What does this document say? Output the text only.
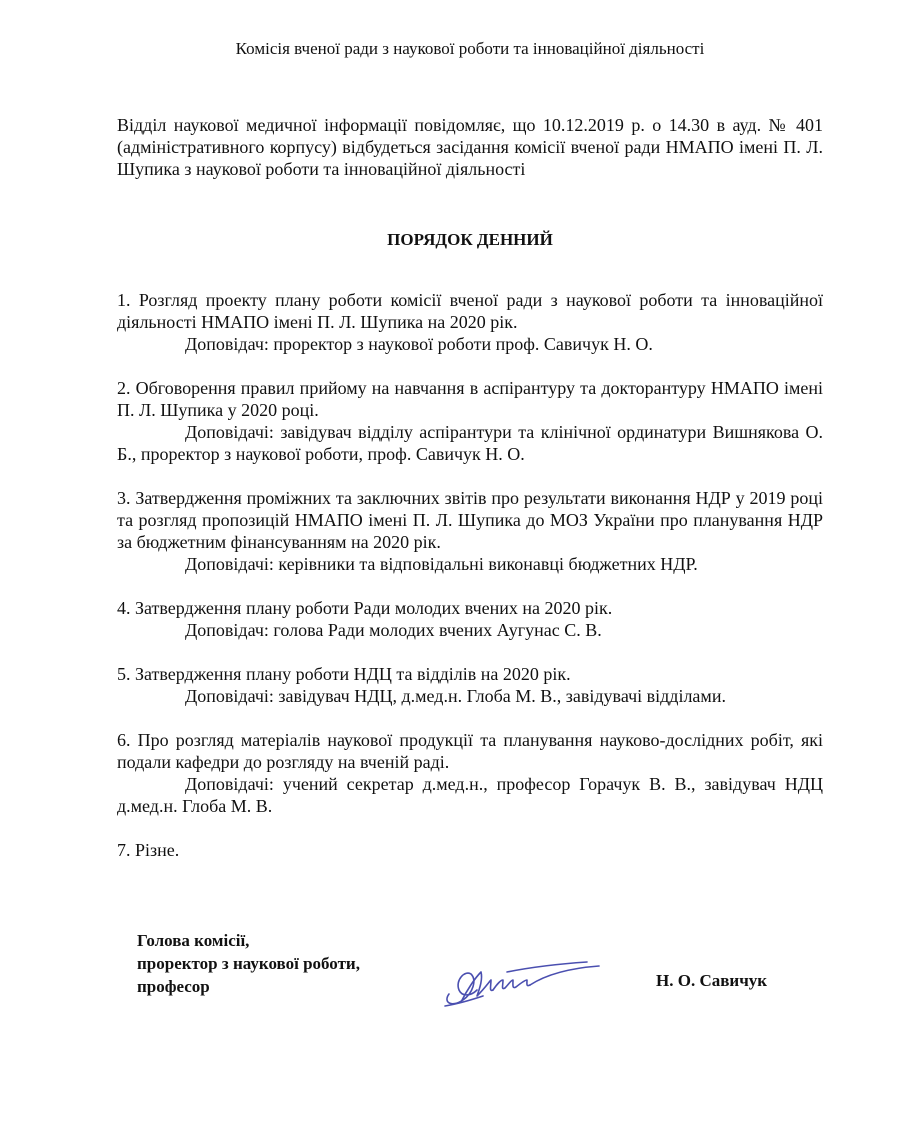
Комісія вченої ради з наукової роботи та інноваційної діяльності

Відділ наукової медичної інформації повідомляє, що 10.12.2019 р. о 14.30 в ауд. № 401 (адміністративного корпусу) відбудеться засідання комісії вченої ради НМАПО імені П. Л. Шупика з наукової роботи та інноваційної діяльності

ПОРЯДОК ДЕННИЙ

1. Розгляд проекту плану роботи комісії вченої ради з наукової роботи та інноваційної діяльності НМАПО імені П. Л. Шупика на 2020 рік.

Доповідач: проректор з наукової роботи проф. Савичук Н. О.

2. Обговорення правил прийому на навчання в аспірантуру та докторантуру НМАПО імені П. Л. Шупика у 2020 році.

Доповідачі: завідувач відділу аспірантури та клінічної ординатури Вишнякова О. Б., проректор з наукової роботи, проф. Савичук Н. О.

3. Затвердження проміжних та заключних звітів про результати виконання НДР у 2019 році та розгляд пропозицій НМАПО імені П. Л. Шупика до МОЗ України про планування НДР за бюджетним фінансуванням на 2020 рік.

Доповідачі: керівники та відповідальні виконавці бюджетних НДР.

4. Затвердження плану роботи Ради молодих вчених на 2020 рік.

Доповідач: голова Ради молодих вчених Аугунас С. В.

5. Затвердження плану роботи НДЦ та відділів на 2020 рік.

Доповідачі: завідувач НДЦ, д.мед.н. Глоба М. В., завідувачі відділами.

6. Про розгляд матеріалів наукової продукції та планування науково-дослідних робіт, які подали кафедри до розгляду на вченій раді.

Доповідачі: учений секретар д.мед.н., професор Горачук В. В., завідувач НДЦ д.мед.н. Глоба М. В.

7. Різне.

Голова комісії,
проректор з наукової роботи,
професор	Н. О. Савичук
